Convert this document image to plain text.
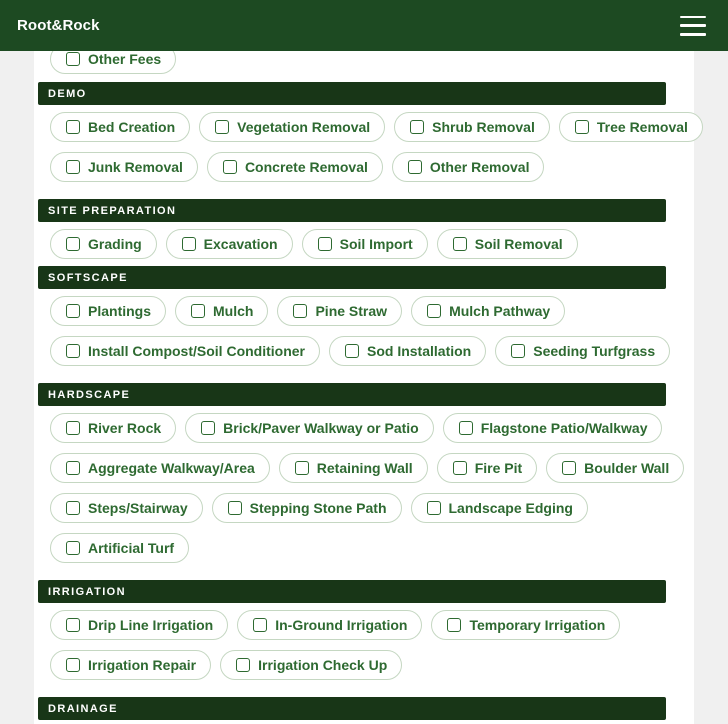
Root&Rock
Other Fees
DEMO
Bed Creation	Vegetation Removal	Shrub Removal	Tree Removal
Junk Removal	Concrete Removal	Other Removal
SITE PREPARATION
Grading	Excavation	Soil Import	Soil Removal
SOFTSCAPE
Plantings	Mulch	Pine Straw	Mulch Pathway
Install Compost/Soil Conditioner	Sod Installation	Seeding Turfgrass
HARDSCAPE
River Rock	Brick/Paver Walkway or Patio	Flagstone Patio/Walkway
Aggregate Walkway/Area	Retaining Wall	Fire Pit	Boulder Wall
Steps/Stairway	Stepping Stone Path	Landscape Edging
Artificial Turf
IRRIGATION
Drip Line Irrigation	In-Ground Irrigation	Temporary Irrigation
Irrigation Repair	Irrigation Check Up
DRAINAGE
